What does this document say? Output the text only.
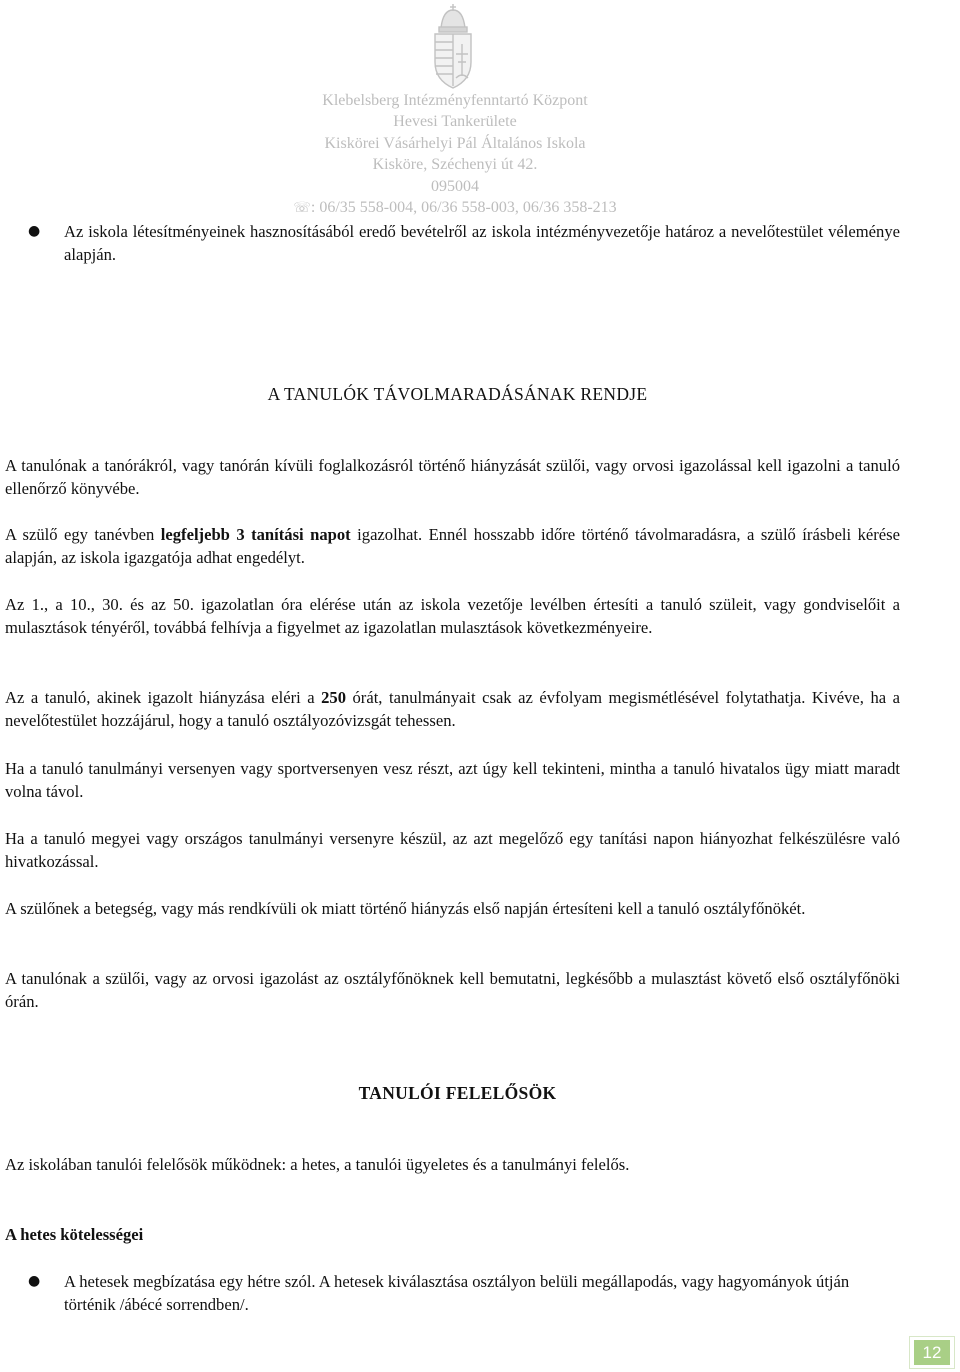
Klebelsberg Intézményfenntartó Központ
Hevesi Tankerülete
Kiskörei Vásárhelyi Pál Általános Iskola
Kisköre, Széchenyi út 42.
095004
☏: 06/35 558-004, 06/36 558-003, 06/36 358-213
●	Az iskola létesítményeinek hasznosításából eredő bevételről az iskola intézményvezetője határoz a nevelőtestület véleménye alapján.
A TANULÓK TÁVOLMARADÁSÁNAK RENDJE

A tanulónak a tanórákról, vagy tanórán kívüli foglalkozásról történő hiányzását szülői, vagy orvosi igazolással kell igazolni a tanuló ellenőrző könyvébe.

A szülő egy tanévben legfeljebb 3 tanítási napot igazolhat. Ennél hosszabb időre történő távolmaradásra, a szülő írásbeli kérése alapján, az iskola igazgatója adhat engedélyt.

Az 1., a 10., 30. és az 50. igazolatlan óra elérése után az iskola vezetője levélben értesíti a tanuló szüleit, vagy gondviselőit a mulasztások tényéről, továbbá felhívja a figyelmet az igazolatlan mulasztások következményeire.

Az a tanuló, akinek igazolt hiányzása eléri a 250 órát, tanulmányait csak az évfolyam megismétlésével folytathatja. Kivéve, ha a nevelőtestület hozzájárul, hogy a tanuló osztályozóvizsgát tehessen.

Ha a tanuló tanulmányi versenyen vagy sportversenyen vesz részt, azt úgy kell tekinteni, mintha a tanuló hivatalos ügy miatt maradt volna távol.

Ha a tanuló megyei vagy országos tanulmányi versenyre készül, az azt megelőző egy tanítási napon hiányozhat felkészülésre való hivatkozással.

A szülőnek a betegség, vagy más rendkívüli ok miatt történő hiányzás első napján értesíteni kell a tanuló osztályfőnökét.

A tanulónak a szülői, vagy az orvosi igazolást az osztályfőnöknek kell bemutatni, legkésőbb a mulasztást követő első osztályfőnöki órán.

TANULÓI FELELŐSÖK

Az iskolában tanulói felelősök működnek: a hetes, a tanulói ügyeletes és a tanulmányi felelős.

A hetes kötelességei

●	A hetesek megbízatása egy hétre szól. A hetesek kiválasztása osztályon belüli megállapodás, vagy hagyományok útján történik /ábécé sorrendben/.
12
